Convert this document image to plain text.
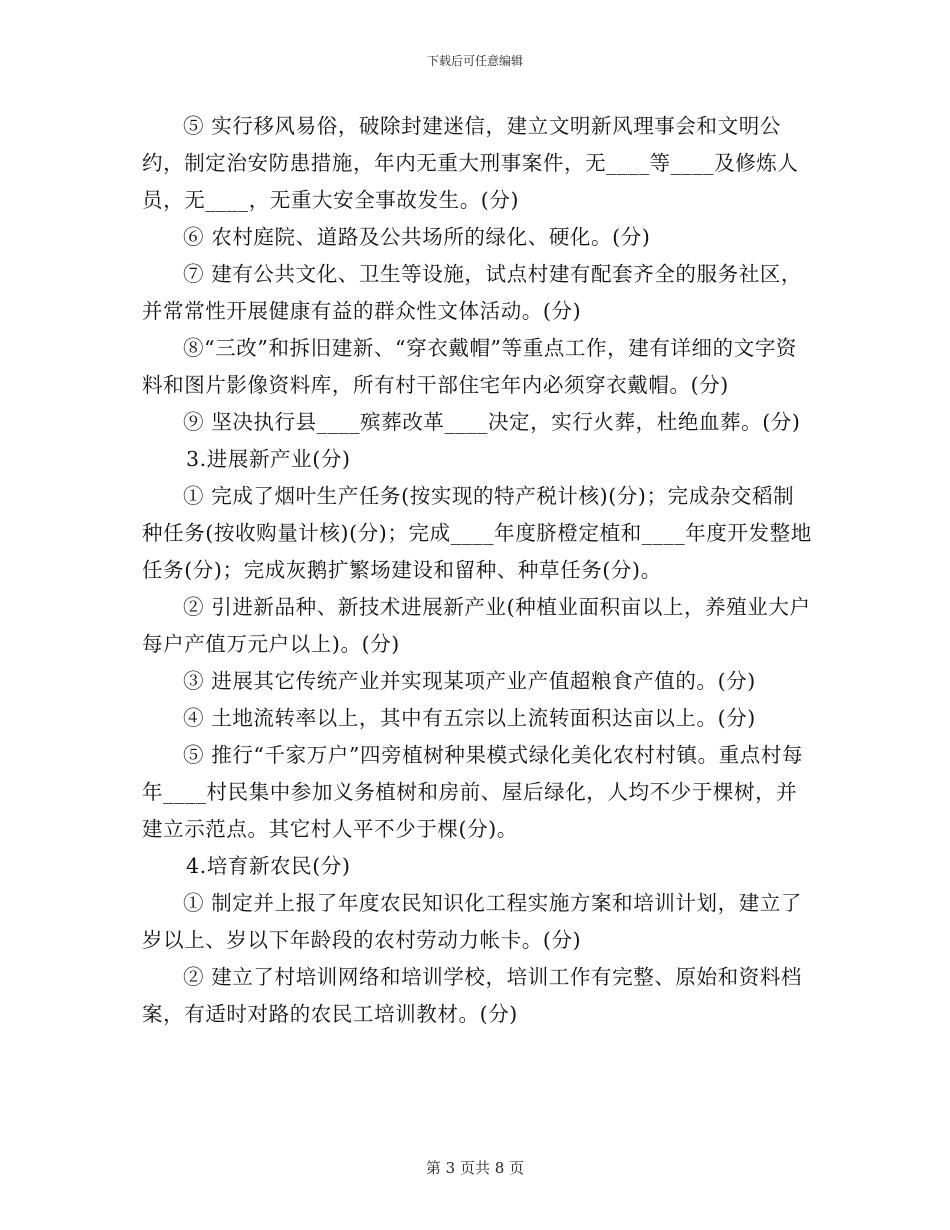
下载后可任意编辑

⑤ 实行移风易俗，破除封建迷信，建立文明新风理事会和文明公约，制定治安防患措施，年内无重大刑事案件，无____等____及修炼人员，无____，无重大安全事故发生。(分)

⑥ 农村庭院、道路及公共场所的绿化、硬化。(分)

⑦ 建有公共文化、卫生等设施，试点村建有配套齐全的服务社区，并常常性开展健康有益的群众性文体活动。(分)

⑧“三改”和拆旧建新、“穿衣戴帽”等重点工作，建有详细的文字资料和图片影像资料库，所有村干部住宅年内必须穿衣戴帽。(分)

⑨ 坚决执行县____殡葬改革____决定，实行火葬，杜绝血葬。(分)

3.进展新产业(分)

① 完成了烟叶生产任务(按实现的特产税计核)(分)；完成杂交稻制种任务(按收购量计核)(分)；完成____年度脐橙定植和____年度开发整地任务(分)；完成灰鹅扩繁场建设和留种、种草任务(分)。

② 引进新品种、新技术进展新产业(种植业面积亩以上，养殖业大户每户产值万元户以上)。(分)

③ 进展其它传统产业并实现某项产业产值超粮食产值的。(分)

④ 土地流转率以上，其中有五宗以上流转面积达亩以上。(分)

⑤ 推行“千家万户”四旁植树种果模式绿化美化农村村镇。重点村每年____村民集中参加义务植树和房前、屋后绿化，人均不少于棵树，并建立示范点。其它村人平不少于棵(分)。

4.培育新农民(分)

① 制定并上报了年度农民知识化工程实施方案和培训计划，建立了岁以上、岁以下年龄段的农村劳动力帐卡。(分)

② 建立了村培训网络和培训学校，培训工作有完整、原始和资料档案，有适时对路的农民工培训教材。(分)

第 3 页共 8 页
